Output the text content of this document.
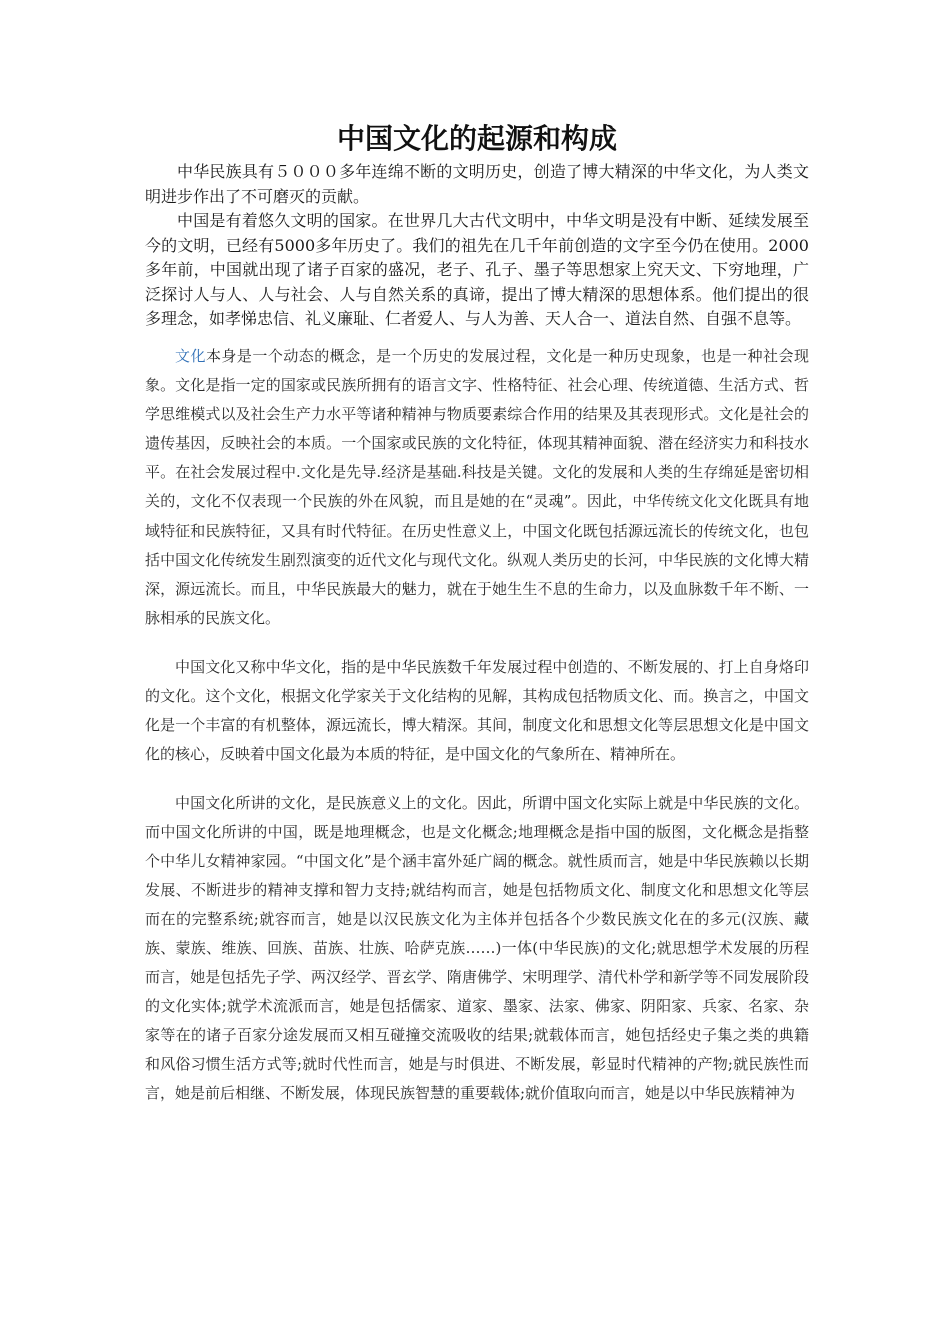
中国文化的起源和构成

中华民族具有５０００多年连绵不断的文明历史，创造了博大精深的中华文化，为人类文明进步作出了不可磨灭的贡献。

中国是有着悠久文明的国家。在世界几大古代文明中，中华文明是没有中断、延续发展至今的文明，已经有5000多年历史了。我们的祖先在几千年前创造的文字至今仍在使用。2000多年前，中国就出现了诸子百家的盛况，老子、孔子、墨子等思想家上究天文、下穷地理，广泛探讨人与人、人与社会、人与自然关系的真谛，提出了博大精深的思想体系。他们提出的很多理念，如孝悌忠信、礼义廉耻、仁者爱人、与人为善、天人合一、道法自然、自强不息等。

文化本身是一个动态的概念，是一个历史的发展过程，文化是一种历史现象，也是一种社会现象。文化是指一定的国家或民族所拥有的语言文字、性格特征、社会心理、传统道德、生活方式、哲学思维模式以及社会生产力水平等诸种精神与物质要素综合作用的结果及其表现形式。文化是社会的遗传基因，反映社会的本质。一个国家或民族的文化特征，体现其精神面貌、潜在经济实力和科技水平。在社会发展过程中.文化是先导.经济是基础.科技是关键。文化的发展和人类的生存绵延是密切相关的，文化不仅表现一个民族的外在风貌，而且是她的在“灵魂”。因此，中华传统文化文化既具有地域特征和民族特征，又具有时代特征。在历史性意义上，中国文化既包括源远流长的传统文化，也包括中国文化传统发生剧烈演变的近代文化与现代文化。纵观人类历史的长河，中华民族的文化博大精深，源远流长。而且，中华民族最大的魅力，就在于她生生不息的生命力，以及血脉数千年不断、一脉相承的民族文化。

中国文化又称中华文化，指的是中华民族数千年发展过程中创造的、不断发展的、打上自身烙印的文化。这个文化，根据文化学家关于文化结构的见解，其构成包括物质文化、而。换言之，中国文化是一个丰富的有机整体，源远流长，博大精深。其间，制度文化和思想文化等层思想文化是中国文化的核心，反映着中国文化最为本质的特征，是中国文化的气象所在、精神所在。

中国文化所讲的文化，是民族意义上的文化。因此，所谓中国文化实际上就是中华民族的文化。而中国文化所讲的中国，既是地理概念，也是文化概念;地理概念是指中国的版图，文化概念是指整个中华儿女精神家园。“中国文化”是个涵丰富外延广阔的概念。就性质而言，她是中华民族赖以长期发展、不断进步的精神支撑和智力支持;就结构而言，她是包括物质文化、制度文化和思想文化等层而在的完整系统;就容而言，她是以汉民族文化为主体并包括各个少数民族文化在的多元(汉族、藏族、蒙族、维族、回族、苗族、壮族、哈萨克族……)一体(中华民族)的文化;就思想学术发展的历程而言，她是包括先子学、两汉经学、晋玄学、隋唐佛学、宋明理学、清代朴学和新学等不同发展阶段的文化实体;就学术流派而言，她是包括儒家、道家、墨家、法家、佛家、阴阳家、兵家、名家、杂家等在的诸子百家分途发展而又相互碰撞交流吸收的结果;就载体而言，她包括经史子集之类的典籍和风俗习惯生活方式等;就时代性而言，她是与时俱进、不断发展，彰显时代精神的产物;就民族性而言，她是前后相继、不断发展，体现民族智慧的重要载体;就价值取向而言，她是以中华民族精神为
